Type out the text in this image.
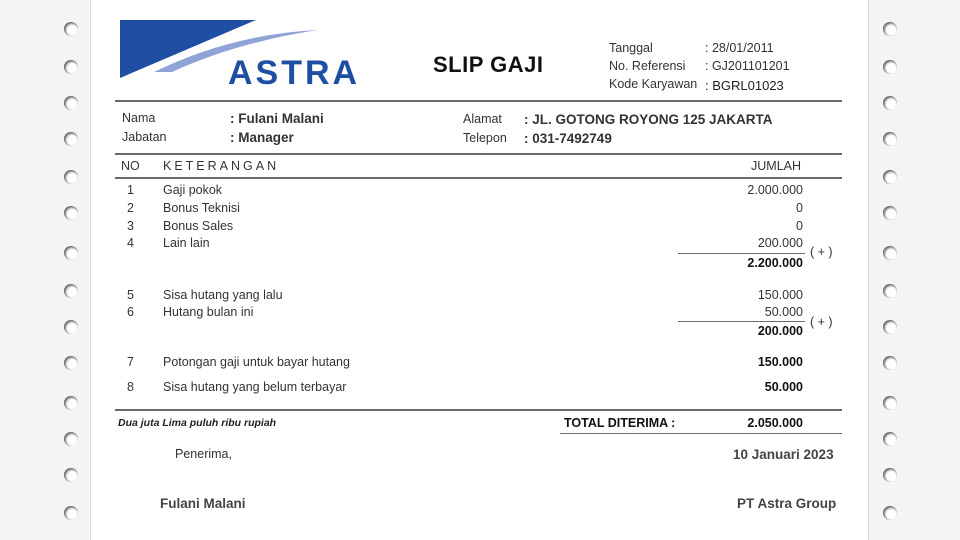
ASTRA	SLIP GAJI
Tanggal	: 28/01/2011
No. Referensi : GJ201101201
Kode Karyawan : BGRL01023
Nama	: Fulani Malani
Jabatan	: Manager
Alamat : JL. GOTONG ROYONG 125 JAKARTA
Telepon : 031-7492749
NO KETERANGAN	JUMLAH
1 Gaji pokok	2.000.000
2 Bonus Teknisi	0
3 Bonus Sales	0
4 Lain lain	200.000
( + )
2.200.000
5 Sisa hutang yang lalu	150.000
6 Hutang bulan ini	50.000
( + )
200.000
7 Potongan gaji untuk bayar hutang	150.000
8 Sisa hutang yang belum terbayar	50.000
Dua juta Lima puluh ribu rupiah	TOTAL DITERIMA :	2.050.000
Penerima,	10 Januari 2023
Fulani Malani	PT Astra Group
